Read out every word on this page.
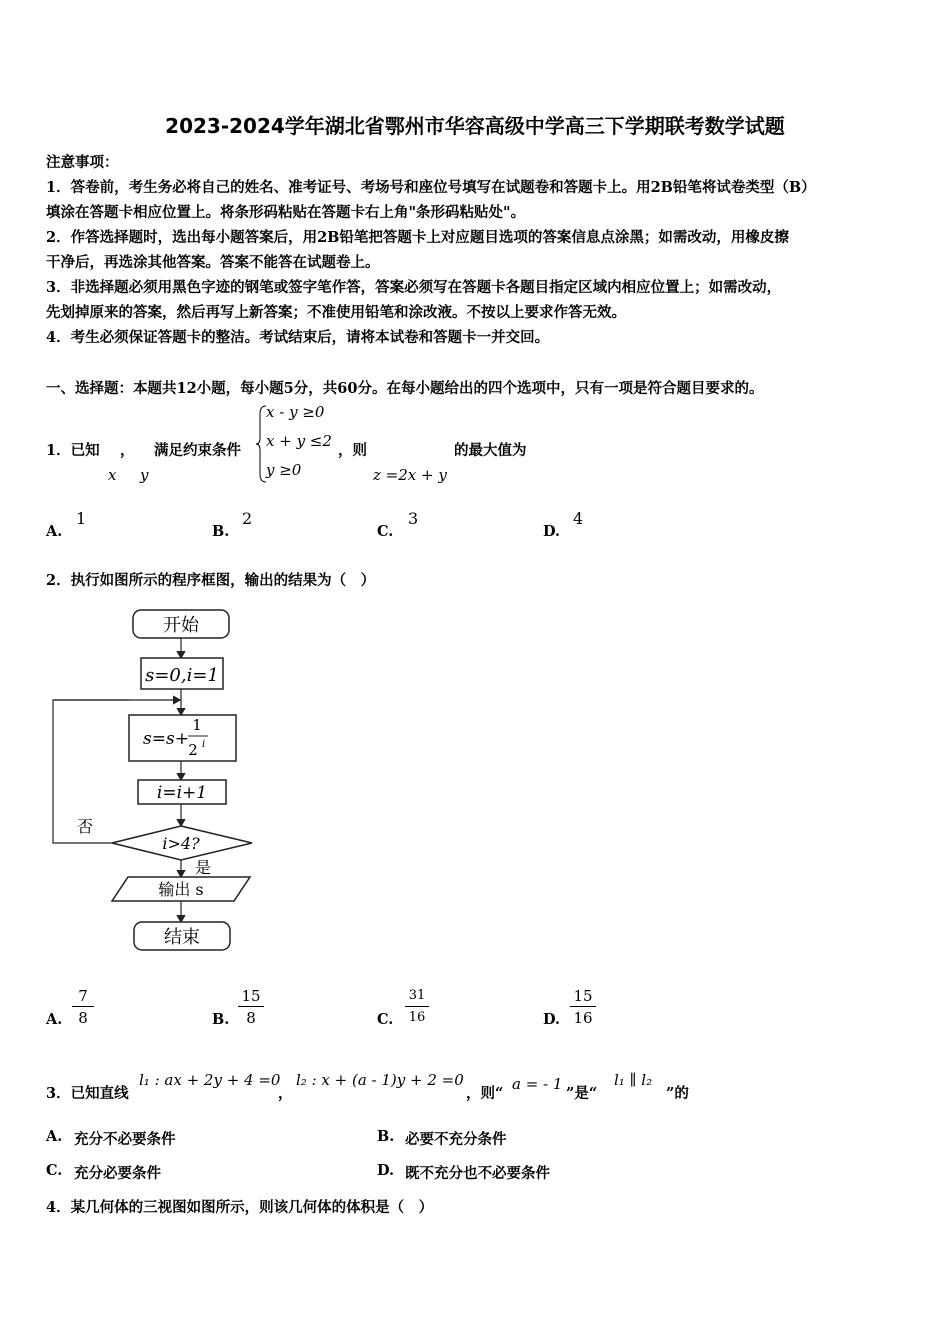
2023-2024学年湖北省鄂州市华容高级中学高三下学期联考数学试题
注意事项：
1．答卷前，考生务必将自己的姓名、准考证号、考场号和座位号填写在试题卷和答题卡上。用2B铅笔将试卷类型（B）
填涂在答题卡相应位置上。将条形码粘贴在答题卡右上角"条形码粘贴处"。
2．作答选择题时，选出每小题答案后，用2B铅笔把答题卡上对应题目选项的答案信息点涂黑；如需改动，用橡皮擦
干净后，再选涂其他答案。答案不能答在试题卷上。
3．非选择题必须用黑色字迹的钢笔或签字笔作答，答案必须写在答题卡各题目指定区域内相应位置上；如需改动，
先划掉原来的答案，然后再写上新答案；不准使用铅笔和涂改液。不按以上要求作答无效。
4．考生必须保证答题卡的整洁。考试结束后，请将本试卷和答题卡一并交回。
一、选择题：本题共12小题，每小题5分，共60分。在每小题给出的四个选项中，只有一项是符合题目要求的。
1．已知 ， 满足约束条件
x y
x - y ≥0
x + y ≤2
y ≥0
，则	的最大值为
z =2x + y
A.
1
B.
2
C.
3
D.
4
2．执行如图所示的程序框图，输出的结果为（　）
开始
s=0,i=1
s=s+
1
2 i
i=i+1
i>4?
否
是
输出 s
结束
A. $\frac{7}{8}$	B. $\frac{15}{8}$	C. $\frac{31}{16}$	D. $\frac{15}{16}$
3．已知直线
l₁ : ax + 2y + 4 =0
，
l₂ : x + (a - 1)y + 2 =0
，则“
a = - 1
”是“
l₁ ∥ l₂
”的
A. 充分不必要条件	B. 必要不充分条件
C. 充分必要条件	D. 既不充分也不必要条件
4．某几何体的三视图如图所示，则该几何体的体积是（　）
